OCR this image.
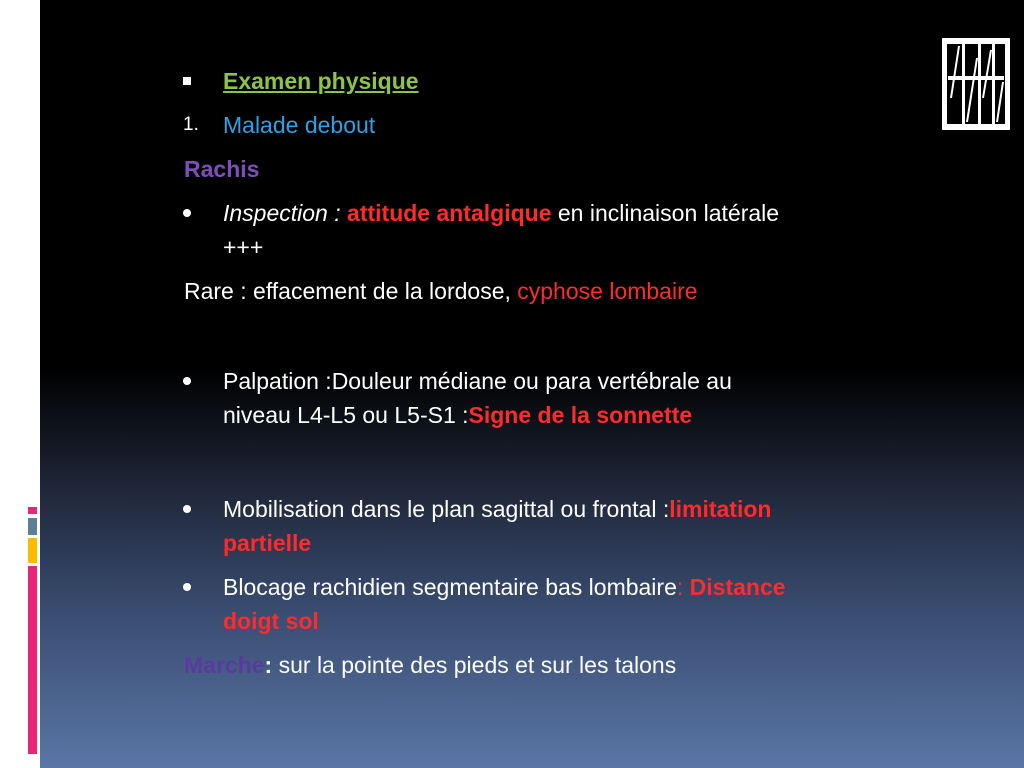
Examen physique

1. Malade debout

Rachis

Inspection : attitude antalgique en inclinaison latérale
+++

Rare : effacement de la lordose, cyphose lombaire

Palpation :Douleur médiane ou para vertébrale au
niveau L4-L5 ou L5-S1 :Signe de la sonnette

Mobilisation dans le plan sagittal ou frontal :limitation
partielle

Blocage rachidien segmentaire bas lombaire: Distance
doigt sol

Marche: sur la pointe des pieds et sur les talons
